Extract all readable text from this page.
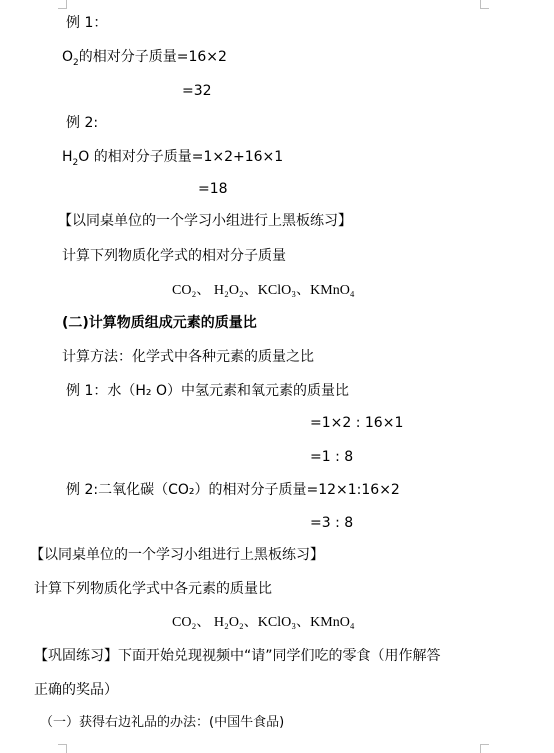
例 1：
$O_2$的相对分子质量=16×2
=32
例 2:
$H_2O$ 的相对分子质量=1×2+16×1
=18
【以同桌单位的一个学习小组进行上黑板练习】
计算下列物质化学式的相对分子质量
CO₂、 H₂O₂、KClO₃、KMnO₄
(二)计算物质组成元素的质量比
计算方法：化学式中各种元素的质量之比
例 1：水（H₂ O）中氢元素和氧元素的质量比
=1×2 : 16×1
=1 : 8
例 2:二氧化碳（CO₂）的相对分子质量=12×1:16×2
=3 : 8
【以同桌单位的一个学习小组进行上黑板练习】
计算下列物质化学式中各元素的质量比
CO₂、 H₂O₂、KClO₃、KMnO₄
【巩固练习】下面开始兑现视频中“请”同学们吃的零食（用作解答
正确的奖品）
（一）获得右边礼品的办法：(中国牛食品)
